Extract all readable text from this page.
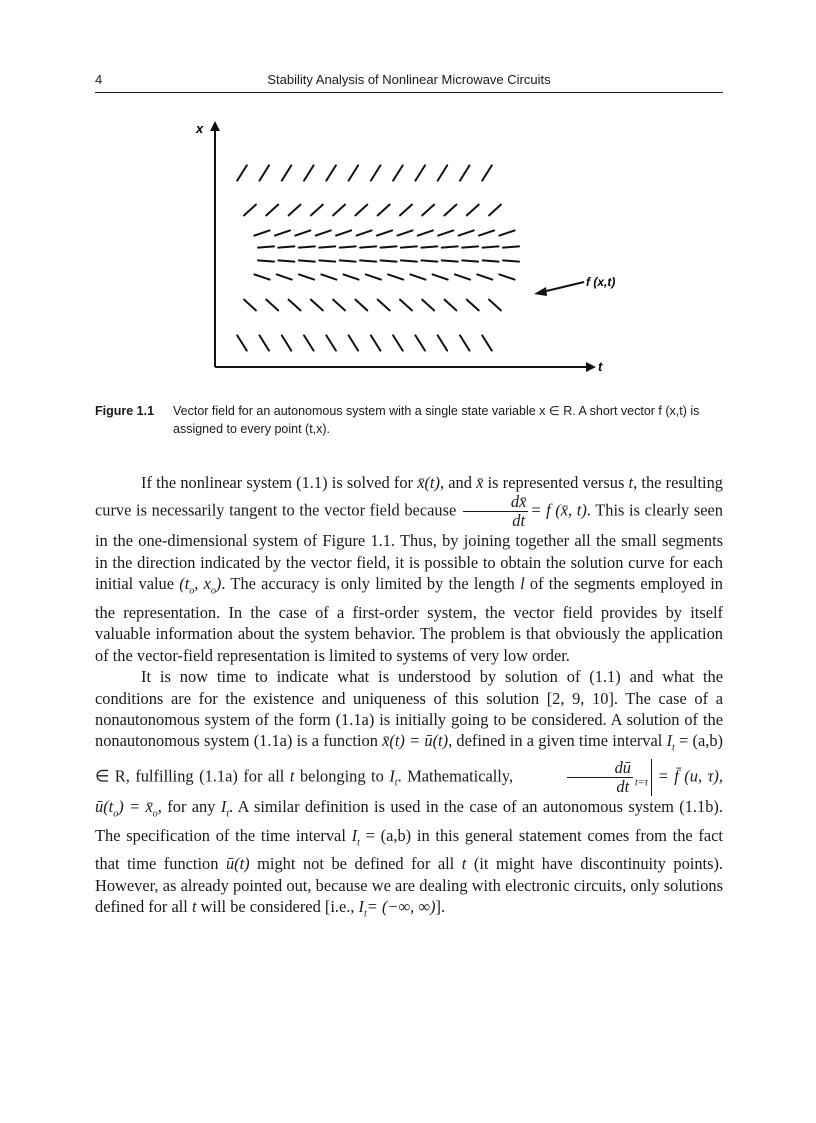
4	Stability Analysis of Nonlinear Microwave Circuits
x
t
f (x,t)
Figure 1.1 Vector field for an autonomous system with a single state variable x ∈ R. A short vector f (x,t) is assigned to every point (t,x).

If the nonlinear system (1.1) is solved for x̄(t), and x̄ is represented versus t, the resulting curve is necessarily tangent to the vector field because $\frac{dx̄}{dt} = f$ (x̄, t). This is clearly seen in the one-dimensional system of Figure 1.1. Thus, by joining together all the small segments in the direction indicated by the vector field, it is possible to obtain the solution curve for each initial value ($t_o$, $x_o$). The accuracy is only limited by the length l of the segments employed in the representation. In the case of a first-order system, the vector field provides by itself valuable information about the system behavior. The problem is that obviously the application of the vector-field representation is limited to systems of very low order.

It is now time to indicate what is understood by solution of (1.1) and what the conditions are for the existence and uniqueness of this solution [2, 9, 10]. The case of a nonautonomous system of the form (1.1a) is initially going to be considered. A solution of the nonautonomous system (1.1a) is a function x̄(t) = ū(t), defined in a given time interval $I_t = (a,b)$ ∈ R, fulfilling (1.1a) for all t belonging to $I_t$. Mathematically,	$\frac{dū}{dt} _{t=\tau}$ = f̄ (u, τ), $ū(t_o)$ = $x̄_o$, for any $I_t$. A similar definition is used in the case of an autonomous system (1.1b). The specification of the time interval $I_t = (a,b)$ in this general statement comes from the fact that time function ū(t) might not be defined for all t (it might have discontinuity points). However, as already pointed out, because we are dealing with electronic circuits, only solutions defined for all t will be considered [i.e., $I_t=$ (−∞, ∞)].
